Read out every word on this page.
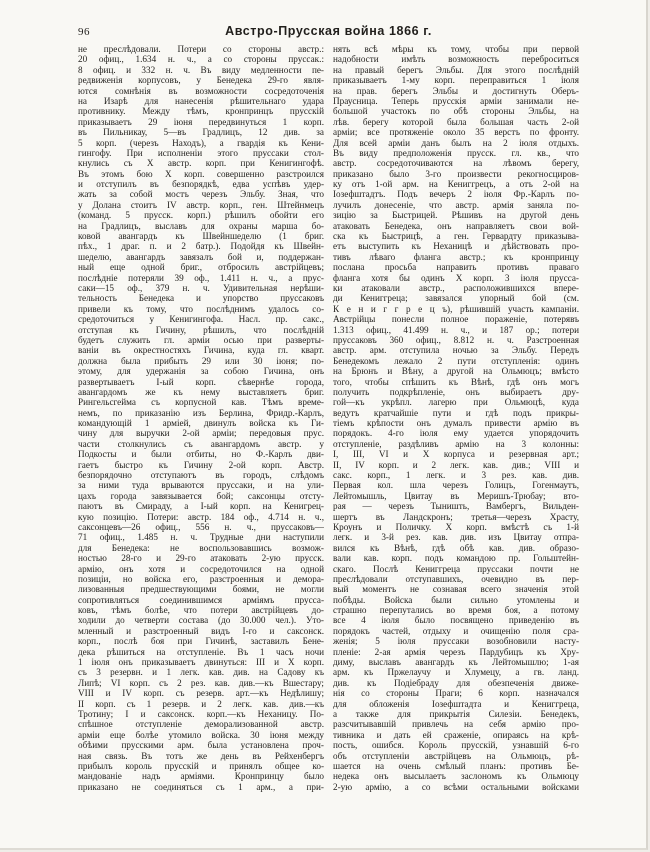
96	Австро-Прусская война 1866 г.
не преслѣдовали. Потери со стороны австр.:
20 офиц., 1.634 н. ч., а со стороны пруссак.:
8 офиц. и 332 н. ч. Въ виду медленности пе-
редвиженія корпусовъ, у Бенедека 29-го явля-
ются сомнѣнія въ возможности сосредоточенія
на Изарѣ для нанесенія рѣшительнаго удара
противнику. Между тѣмъ, кронпринцъ прусскій
приказываетъ 29 іюня передвинуться 1 корп.
въ Пильникау, 5—въ Градлицъ, 12 див. за
5 корп. (черезъ Находъ), а гвардія къ Кени-
гингофу. При исполненіи этого пруссаки стол-
кнулись съ X австр. корп. при Кенигингофѣ.
Въ этомъ бою X корп. совершенно разстроился
и отступилъ въ безпорядкѣ, едва успѣвъ удер-
жать за собой мостъ черезъ Эльбу. Зная, что
у Долана стоитъ IV австр. корп., ген. Штейнмецъ
(команд. 5 прусск. корп.) рѣшилъ обойти его
на Градлицъ, выславъ для охраны марша бо-
ковой авангардъ къ Швейншеделю (1 бриг.
пѣх., 1 драг. п. и 2 батр.). Подойдя къ Швейн-
шеделю, авангардъ завязалъ бой и, поддержан-
ный еще одной бриг., отбросилъ австрійцевъ;
послѣдніе потеряли 39 оф., 1.411 н. ч., а прус-
саки—15 оф., 379 н. ч. Удивительная нерѣши-
тельность Бенедека и упорство пруссаковъ
привели къ тому, что послѣднимъ удалось со-
средоточиться у Кенигингофа. Насл. пр. сакс.,
отступая къ Гичину, рѣшилъ, что послѣдній
будетъ служить гл. арміи осью при разверты-
ваніи въ окрестностяхъ Гичина, куда гл. кварт.
должна была прибыть 29 или 30 іюня; по-
этому, для удержанія за собою Гичина, онъ
развертываетъ I-ый корп. сѣвернѣе города,
авангардомъ же къ нему выставляетъ бриг.
Рингельсгейма съ корпусной кав. Тѣмъ време-
немъ, по приказанію изъ Берлина, Фридр.-Карлъ,
командующій 1 арміей, двинулъ войска къ Ги-
чину для выручки 2-ой арміи; передовыя прус.
части столкнулись съ авангардомъ австр. у
Подкосты и были отбиты, но Ф.-Карлъ дви-
гаетъ быстро къ Гичину 2-ой корп. Австр.
безпорядочно отступаютъ въ городъ, слѣдомъ
за ними туда врываются пруссаки, и на ули-
цахъ города завязывается бой; саксонцы отсту-
паютъ въ Смираду, а I-ый корп. на Кенигрец-
кую позицію. Потери: австр. 184 оф., 4.714 н. ч.,
саксонцевъ—26 офиц., 556 н. ч., пруссаковъ—
71 офиц., 1.485 н. ч. Трудные дни наступили
для Бенедека: не воспользовавшись возмож-
ностью 28-го и 29-го атаковать 2-ую прусск.
армію, онъ хотя и сосредоточился на одной
позиціи, но войска его, разстроенныя и демора-
лизованныя предшествующими боями, не могли
сопротивляться соединившимся арміямъ прусса-
ковъ, тѣмъ болѣе, что потери австрійцевъ до-
ходили до четверти состава (до 30.000 чел.). Уто-
мленный и разстроенный видъ I-го и саксонск.
корп., послѣ боя при Гичинѣ, заставилъ Бене-
дека рѣшиться на отступленіе. Въ 1 часъ ночи
1 іюля онъ приказываетъ двинуться: III и X корп.
съ 3 резервн. и 1 легк. кав. див. на Садову къ
Липѣ; VI корп. съ 2 рез. кав. див.—къ Вшестару;
VIII и IV корп. съ резерв. арт.—къ Недѣлишу;
II корп. съ 1 резерв. и 2 легк. кав. див.—къ
Тротину; I и саксонск. корп.—къ Неханицу. По-
спѣшное отступленіе деморализованной австр.
арміи еще болѣе утомило войска. 30 іюня между
обѣими прусскими арм. была установлена проч-
ная связь. Въ тотъ же день въ Рейхенбергъ
прибылъ король прусскій и принялъ общее ко-
мандованіе надъ арміями. Кронпринцу было
приказано не соединяться съ 1 арм., а при-
нять всѣ мѣры къ тому, чтобы при первой
надобности имѣть возможность переброситься
на правый берегъ Эльбы. Для этого послѣдній
приказываетъ 1-му корп. переправиться 1 іюля
на прав. берегъ Эльбы и достигнуть Оберъ-
Праусница. Теперь прусскія арміи занимали не-
большой участокъ по обѣ стороны Эльбы, на
лѣв. берегу которой была большая часть 2-ой
арміи; все протяженіе около 35 верстъ по фронту.
Для всей арміи данъ былъ на 2 іюля отдыхъ.
Въ виду предположенія прусск. гл. кв., что
австр. сосредоточиваются на лѣвомъ берегу,
приказано было 3-го произвести рекогносциров-
ку отъ 1-ой арм. на Кениггрецъ, а отъ 2-ой на
Іозефштадтъ. Подъ вечеръ 2 іюля Фр.-Карлъ по-
лучилъ донесеніе, что австр. армія заняла по-
зицію за Быстрицей. Рѣшивъ на другой день
атаковать Бенедека, онъ направляетъ свои вой-
ска къ Быстрицѣ, а ген. Гервардту приказыва-
етъ выступить къ Неханицѣ и дѣйствовать про-
тивъ лѣваго фланга австр.; къ кронпринцу
послана просьба направить противъ праваго
фланга хотя бы одинъ X корп. 3 іюля прусса-
ки атаковали австр., расположившихся впере-
ди Кениггреца; завязался упорный бой (см.
К е н и г г р е ц ъ), рѣшившій участь кампаніи.
Австрійцы понесли полное пораженіе, потерявъ
1.313 офиц., 41.499 н. ч., и 187 ор.; потери
пруссаковъ 360 офиц., 8.812 н. ч. Разстроенная
австр. арм. отступила ночью за Эльбу. Передъ
Бенедекомъ лежало 2 пути отступленія: одинъ
на Брюнъ и Вѣну, а другой на Ольмюцъ; вмѣсто
того, чтобы спѣшить къ Вѣнѣ, гдѣ онъ могъ
получить подкрѣпленіе, онъ выбираетъ дру-
гой—къ укрѣпл. лагерю при Ольмюцѣ, куда
ведутъ кратчайшіе пути и гдѣ подъ прикры-
тіемъ крѣпости онъ думалъ привести армію въ
порядокъ. 4-го іюля ему удается упорядочить
отступленіе, раздѣливъ армію на 3 колонны:
I, III, VI и X корпуса и резервная арт.;
II, IV корп. и 2 легк. кав. див.; VIII и
сакс. корп., 1 легк. и 3 рез. кав. див.
Первая кол. шла черезъ Голицъ, Гогенмаутъ,
Лейтомышль, Цвитау въ Меришъ-Трюбау; вто-
рая — черезъ Тыништь, Вамбергъ, Вильден-
шертъ въ Ландскронъ; третья—черезъ Храсту,
Кроунъ и Поличку. X корп. вмѣстѣ съ 1-й
легк. и 3-й рез. кав. див. изъ Цвитау отпра-
вился къ Вѣнѣ, гдѣ обѣ кав. див. образо-
вали кав. корп. подъ командою пр. Гольштейн-
скаго. Послѣ Кениггреца пруссаки почти не
преслѣдовали отступавшихъ, очевидно въ пер-
вый моментъ не сознавая всего значенія этой
побѣды. Войска были сильно утомлены и
страшно перепутались во время боя, а потому
все 4 іюля было посвящено приведенію въ
порядокъ частей, отдыху и очищенію поля сра-
женія; 5 іюля пруссаки возобновили насту-
пленіе: 2-ая армія черезъ Пардубицъ къ Хру-
диму, выславъ авангардъ къ Лейтомышлю; 1-ая
арм. къ Пржелаучу и Хлумецу, а гв. ланд.
див. къ Подіебраду для обезпеченія движе-
нія со стороны Праги; 6 корп. назначался
для обложенія Іозефштадта и Кениггреца,
а также для прикрытія Силезіи. Бенедекъ,
разсчитывавшій привлечь на себя армію про-
тивника и дать ей сраженіе, опираясь на крѣ-
пость, ошибся. Король прусскій, узнавшій 6-го
объ отступленіи австрійцевъ на Ольмюцъ, рѣ-
шается на очень смѣлый планъ: противъ Бе-
недека онъ высылаетъ заслономъ къ Ольмюцу
2-ую армію, а со всѣми остальными войсками
